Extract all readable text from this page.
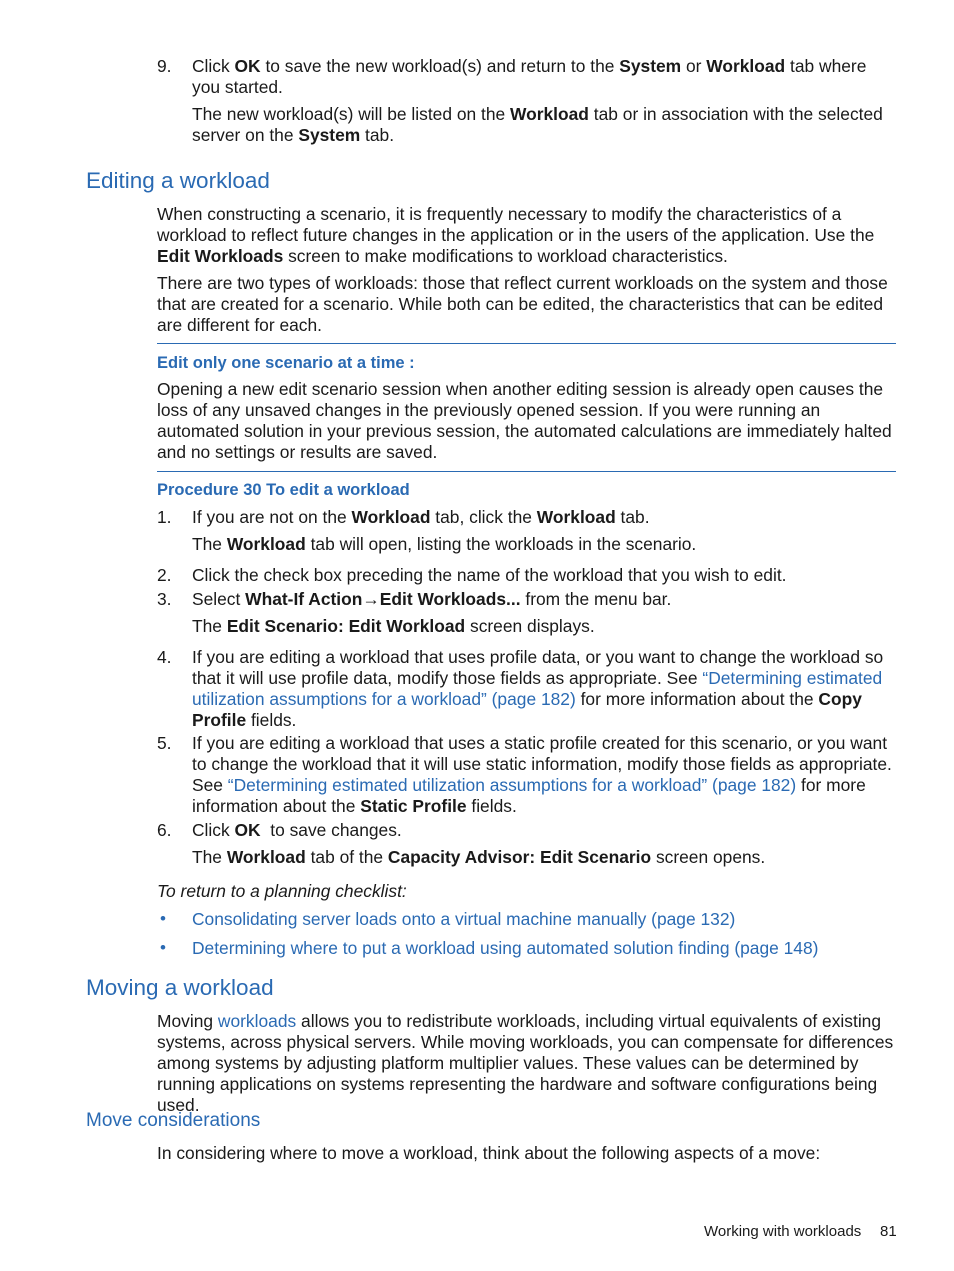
9.	Click OK to save the new workload(s) and return to the System or Workload tab where you started.
The new workload(s) will be listed on the Workload tab or in association with the selected server on the System tab.
Editing a workload
When constructing a scenario, it is frequently necessary to modify the characteristics of a workload to reflect future changes in the application or in the users of the application. Use the Edit Workloads screen to make modifications to workload characteristics.
There are two types of workloads: those that reflect current workloads on the system and those that are created for a scenario. While both can be edited, the characteristics that can be edited are different for each.
Edit only one scenario at a time :
Opening a new edit scenario session when another editing session is already open causes the loss of any unsaved changes in the previously opened session. If you were running an automated solution in your previous session, the automated calculations are immediately halted and no settings or results are saved.
Procedure 30 To edit a workload
1.	If you are not on the Workload tab, click the Workload tab.
The Workload tab will open, listing the workloads in the scenario.
2.	Click the check box preceding the name of the workload that you wish to edit.
3.	Select What-If Action→Edit Workloads... from the menu bar.
The Edit Scenario: Edit Workload screen displays.
4.	If you are editing a workload that uses profile data, or you want to change the workload so that it will use profile data, modify those fields as appropriate. See “Determining estimated utilization assumptions for a workload” (page 182) for more information about the Copy Profile fields.
5.	If you are editing a workload that uses a static profile created for this scenario, or you want to change the workload that it will use static information, modify those fields as appropriate. See “Determining estimated utilization assumptions for a workload” (page 182) for more information about the Static Profile fields.
6.	Click OK  to save changes.
The Workload tab of the Capacity Advisor: Edit Scenario screen opens.
To return to a planning checklist:
• Consolidating server loads onto a virtual machine manually (page 132)
• Determining where to put a workload using automated solution finding (page 148)
Moving a workload
Moving workloads allows you to redistribute workloads, including virtual equivalents of existing systems, across physical servers. While moving workloads, you can compensate for differences among systems by adjusting platform multiplier values. These values can be determined by running applications on systems representing the hardware and software configurations being used.
Move considerations
In considering where to move a workload, think about the following aspects of a move:
Working with workloads 81
